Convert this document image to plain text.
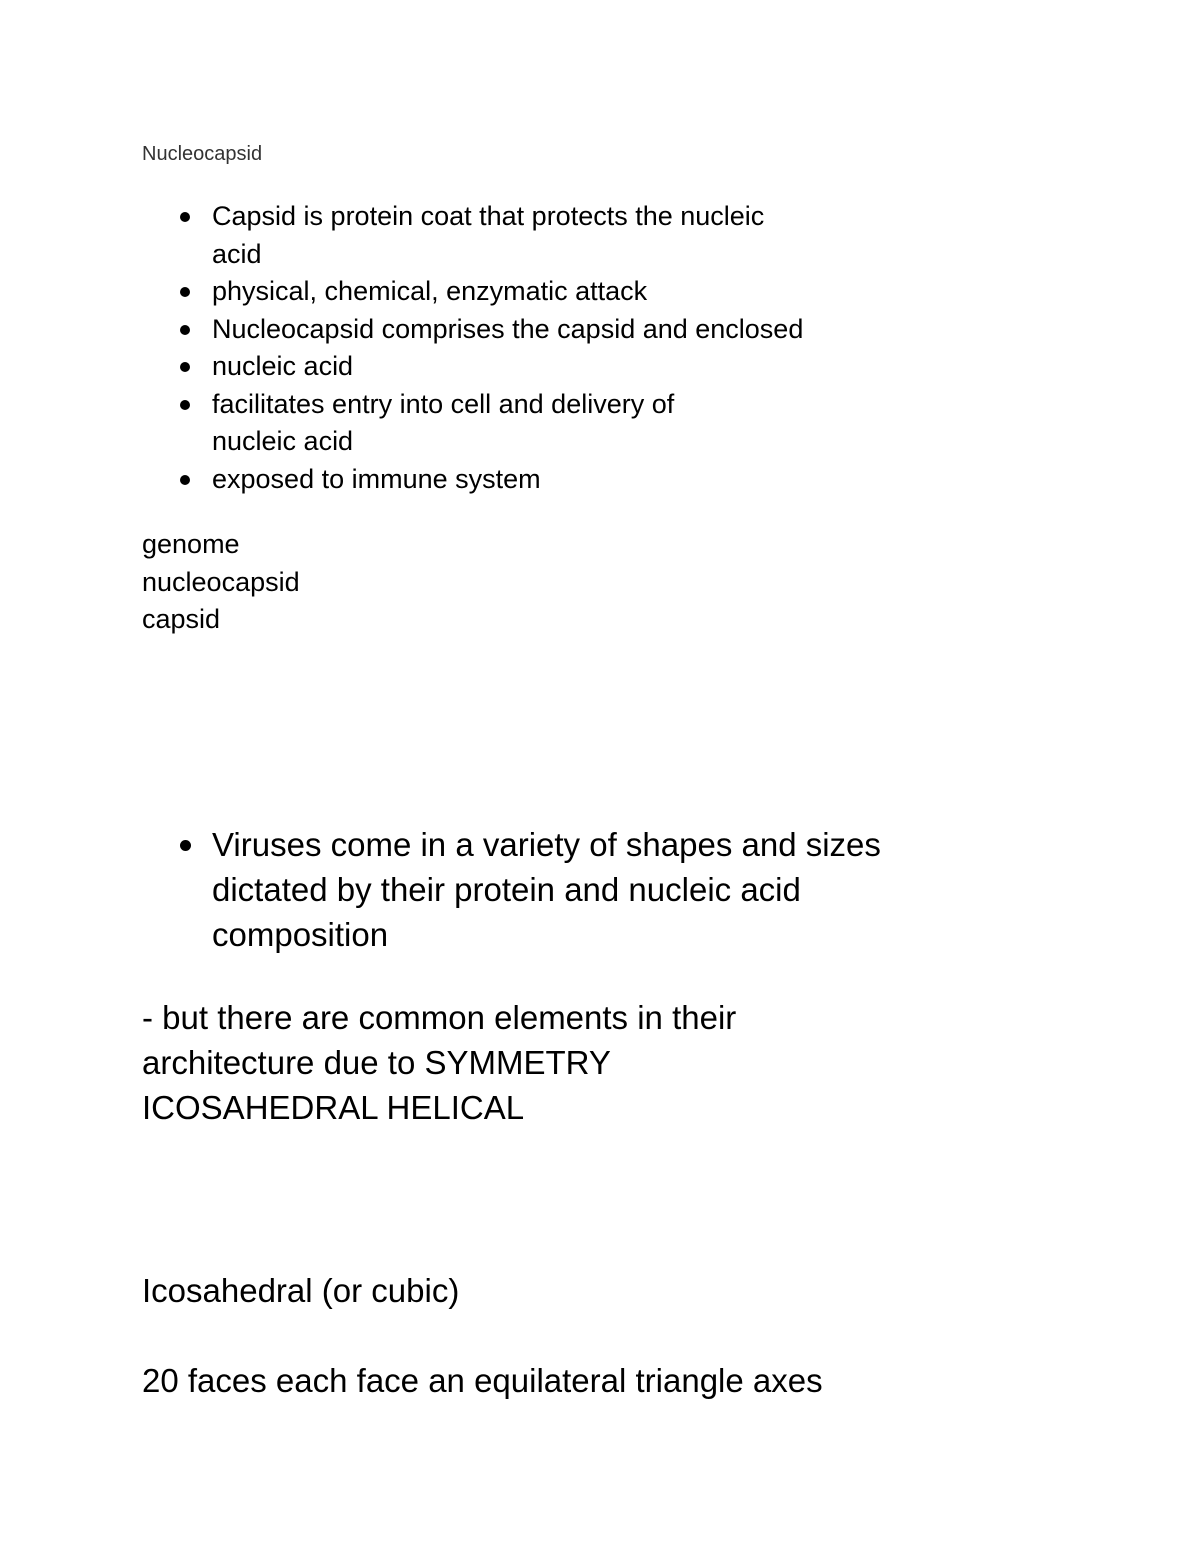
Nucleocapsid

Capsid is protein coat that protects the nucleic
acid
physical, chemical, enzymatic attack
Nucleocapsid comprises the capsid and enclosed
nucleic acid
facilitates entry into cell and delivery of
nucleic acid
exposed to immune system
genome
nucleocapsid
capsid
Viruses come in a variety of shapes and sizes
dictated by their protein and nucleic acid
composition
- but there are common elements in their
architecture due to SYMMETRY
ICOSAHEDRAL HELICAL

Icosahedral (or cubic)

20 faces each face an equilateral triangle axes
